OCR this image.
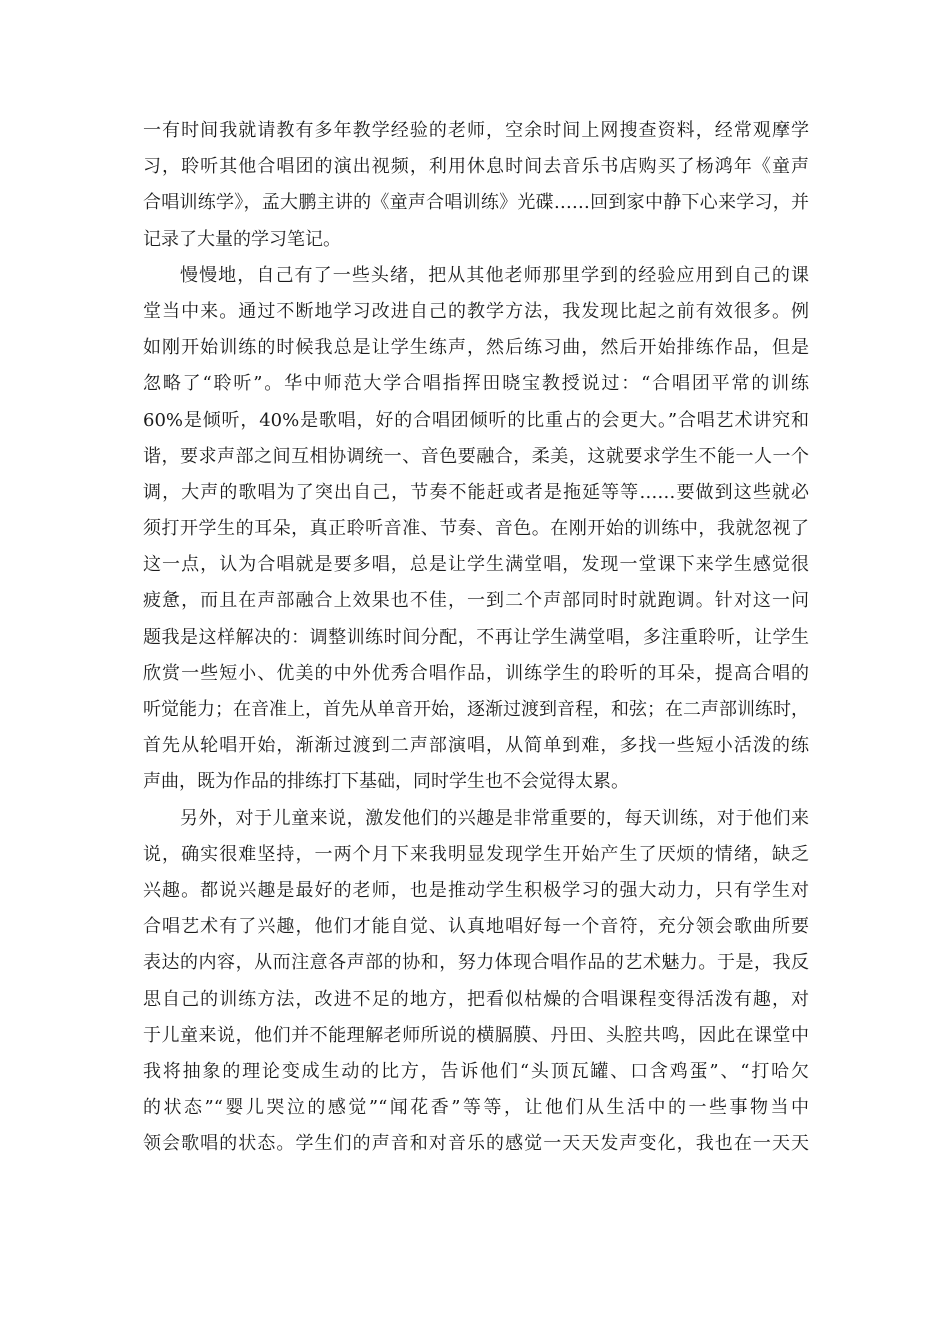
一有时间我就请教有多年教学经验的老师，空余时间上网搜查资料，经常观摩学
习，聆听其他合唱团的演出视频，利用休息时间去音乐书店购买了杨鸿年《童声
合唱训练学》，孟大鹏主讲的《童声合唱训练》光碟……回到家中静下心来学习，并
记录了大量的学习笔记。
慢慢地，自己有了一些头绪，把从其他老师那里学到的经验应用到自己的课
堂当中来。通过不断地学习改进自己的教学方法，我发现比起之前有效很多。例
如刚开始训练的时候我总是让学生练声，然后练习曲，然后开始排练作品，但是
忽略了“聆听”。华中师范大学合唱指挥田晓宝教授说过：“合唱团平常的训练
60%是倾听，40%是歌唱，好的合唱团倾听的比重占的会更大。”合唱艺术讲究和
谐，要求声部之间互相协调统一、音色要融合，柔美，这就要求学生不能一人一个
调，大声的歌唱为了突出自己，节奏不能赶或者是拖延等等……要做到这些就必
须打开学生的耳朵，真正聆听音准、节奏、音色。在刚开始的训练中，我就忽视了
这一点，认为合唱就是要多唱，总是让学生满堂唱，发现一堂课下来学生感觉很
疲惫，而且在声部融合上效果也不佳，一到二个声部同时时就跑调。针对这一问
题我是这样解决的：调整训练时间分配，不再让学生满堂唱，多注重聆听，让学生
欣赏一些短小、优美的中外优秀合唱作品，训练学生的聆听的耳朵，提高合唱的
听觉能力；在音准上，首先从单音开始，逐渐过渡到音程，和弦；在二声部训练时，
首先从轮唱开始，渐渐过渡到二声部演唱，从简单到难，多找一些短小活泼的练
声曲，既为作品的排练打下基础，同时学生也不会觉得太累。
另外，对于儿童来说，激发他们的兴趣是非常重要的，每天训练，对于他们来
说，确实很难坚持，一两个月下来我明显发现学生开始产生了厌烦的情绪，缺乏
兴趣。都说兴趣是最好的老师，也是推动学生积极学习的强大动力，只有学生对
合唱艺术有了兴趣，他们才能自觉、认真地唱好每一个音符，充分领会歌曲所要
表达的内容，从而注意各声部的协和，努力体现合唱作品的艺术魅力。于是，我反
思自己的训练方法，改进不足的地方，把看似枯燥的合唱课程变得活泼有趣，对
于儿童来说，他们并不能理解老师所说的横膈膜、丹田、头腔共鸣，因此在课堂中
我将抽象的理论变成生动的比方，告诉他们“头顶瓦罐、口含鸡蛋”、“打哈欠
的状态”“婴儿哭泣的感觉”“闻花香”等等，让他们从生活中的一些事物当中
领会歌唱的状态。学生们的声音和对音乐的感觉一天天发声变化，我也在一天天
